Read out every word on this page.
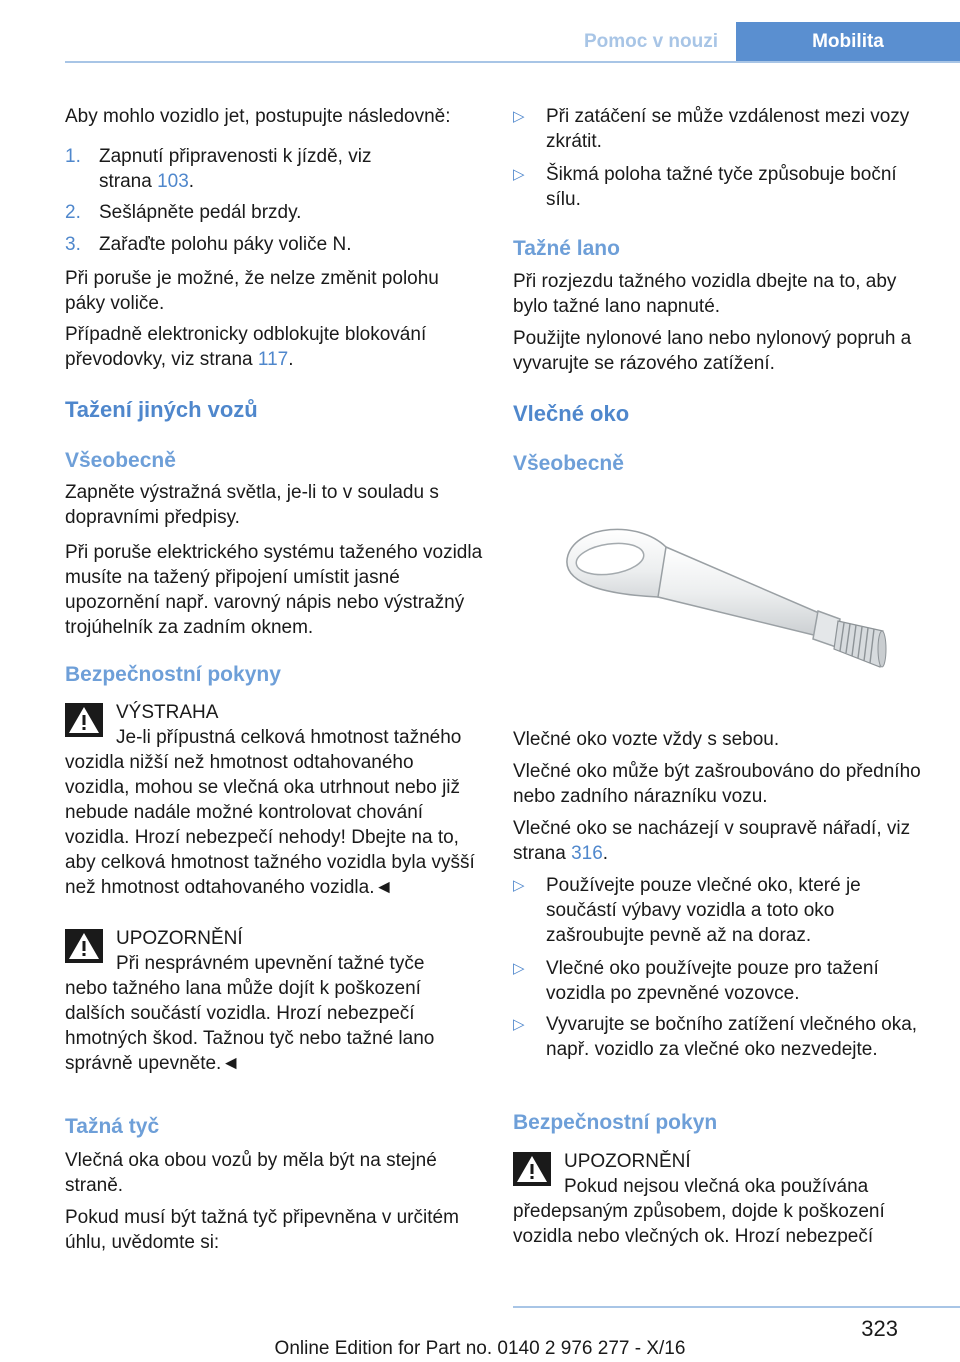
Pomoc v nouzi	Mobilita

Aby mohlo vozidlo jet, postupujte následovně:

1. Zapnutí připravenosti k jízdě, viz
strana 103.
2. Sešlápněte pedál brzdy.
3. Zařaďte polohu páky voliče N.

Při poruše je možné, že nelze změnit polohu páky voliče.

Případně elektronicky odblokujte blokování převodovky, viz strana 117.

Tažení jiných vozů
Všeobecně

Zapněte výstražná světla, je-li to v souladu s dopravními předpisy.

Při poruše elektrického systému taženého vozidla musíte na tažený připojení umístit jasné upozornění např. varovný nápis nebo výstražný trojúhelník za zadním oknem.

Bezpečnostní pokyny
VÝSTRAHA
Je-li přípustná celková hmotnost tažného
vozidla nižší než hmotnost odtahovaného vozidla, mohou se vlečná oka utrhnout nebo již nebude nadále možné kontrolovat chování vozidla. Hrozí nebezpečí nehody! Dbejte na to, aby celková hmotnost tažného vozidla byla vyšší než hmotnost odtahovaného vozidla.◄
UPOZORNĚNÍ
Při nesprávném upevnění tažné tyče
nebo tažného lana může dojít k poškození dalších součástí vozidla. Hrozí nebezpečí hmotných škod. Tažnou tyč nebo tažné lano správně upevněte.◄
Tažná tyč

Vlečná oka obou vozů by měla být na stejné straně.

Pokud musí být tažná tyč připevněna v určitém úhlu, uvědomte si:

▷ Při zatáčení se může vzdálenost mezi vozy zkrátit.
▷ Šikmá poloha tažné tyče způsobuje boční sílu.
Tažné lano

Při rozjezdu tažného vozidla dbejte na to, aby bylo tažné lano napnuté.

Použijte nylonové lano nebo nylonový popruh a vyvarujte se rázového zatížení.

Vlečné oko
Všeobecně

Vlečné oko vozte vždy s sebou.

Vlečné oko může být zašroubováno do předního nebo zadního nárazníku vozu.

Vlečné oko se nacházejí v soupravě nářadí, viz strana 316.

▷ Používejte pouze vlečné oko, které je součástí výbavy vozidla a toto oko zašroubujte pevně až na doraz.
▷ Vlečné oko používejte pouze pro tažení vozidla po zpevněné vozovce.
▷ Vyvarujte se bočního zatížení vlečného oka, např. vozidlo za vlečné oko nezvedejte.
Bezpečnostní pokyn
UPOZORNĚNÍ
Pokud nejsou vlečná oka používána
předepsaným způsobem, dojde k poškození vozidla nebo vlečných ok. Hrozí nebezpečí
323
Online Edition for Part no. 0140 2 976 277 - X/16
